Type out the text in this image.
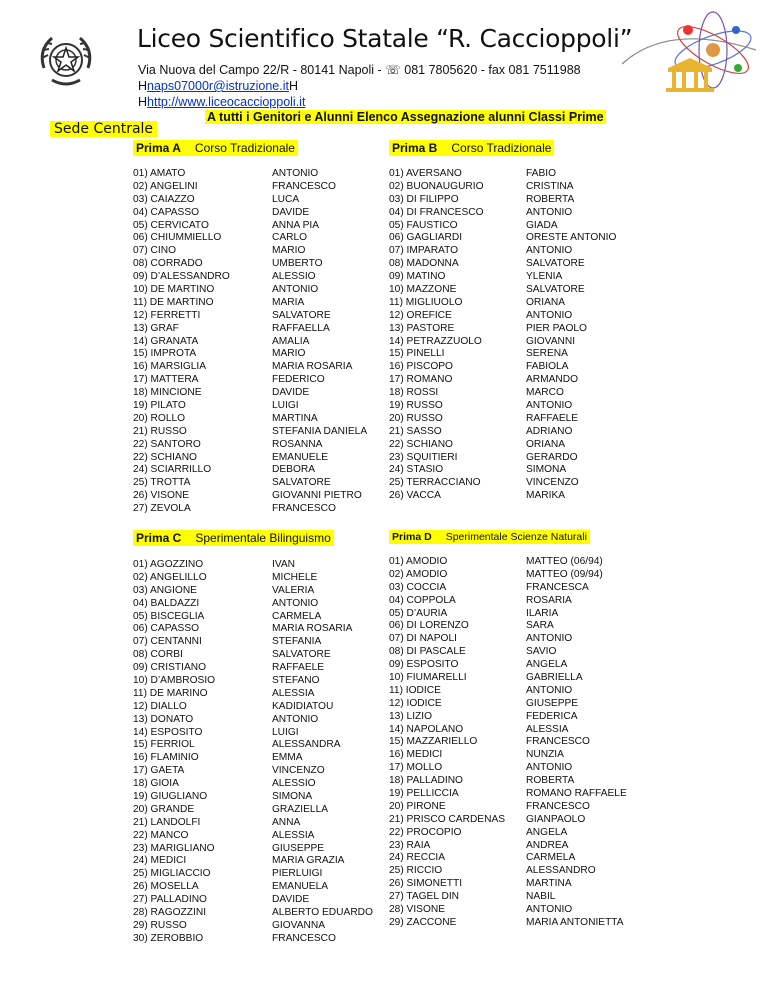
Liceo Scientifico Statale “R. Caccioppoli”
Via Nuova del Campo 22/R - 80141 Napoli - ☏ 081 7805620 - fax 081 7511988
Hnaps07000r@istruzione.itH
Hhttp://www.liceocaccioppoli.it
A tutti i Genitori e Alunni Elenco Assegnazione alunni Classi Prime
Sede Centrale
Prima A Corso Tradizionale
01) AMATO
02) ANGELINI
03) CAIAZZO
04) CAPASSO
05) CERVICATO
06) CHIUMMIELLO
07) CINO
08) CORRADO
09) D’ALESSANDRO
10) DE MARTINO
11) DE MARTINO
12) FERRETTI
13) GRAF
14) GRANATA
15) IMPROTA
16) MARSIGLIA
17) MATTERA
18) MINCIONE
19) PILATO
20) ROLLO
21) RUSSO
22) SANTORO
22) SCHIANO
24) SCIARRILLO
25) TROTTA
26) VISONE
27) ZEVOLA
ANTONIO
FRANCESCO
LUCA
DAVIDE
ANNA PIA
CARLO
MARIO
UMBERTO
ALESSIO
ANTONIO
MARIA
SALVATORE
RAFFAELLA
AMALIA
MARIO
MARIA ROSARIA
FEDERICO
DAVIDE
LUIGI
MARTINA
STEFANIA DANIELA
ROSANNA
EMANUELE
DEBORA
SALVATORE
GIOVANNI PIETRO
FRANCESCO
Prima B Corso Tradizionale
01) AVERSANO
02) BUONAUGURIO
03) DI FILIPPO
04) DI FRANCESCO
05) FAUSTICO
06) GAGLIARDI
07) IMPARATO
08) MADONNA
09) MATINO
10) MAZZONE
11) MIGLIUOLO
12) OREFICE
13) PASTORE
14) PETRAZZUOLO
15) PINELLI
16) PISCOPO
17) ROMANO
18) ROSSI
19) RUSSO
20) RUSSO
21) SASSO
22) SCHIANO
23) SQUITIERI
24) STASIO
25) TERRACCIANO
26) VACCA
FABIO
CRISTINA
ROBERTA
ANTONIO
GIADA
ORESTE ANTONIO
ANTONIO
SALVATORE
YLENIA
SALVATORE
ORIANA
ANTONIO
PIER PAOLO
GIOVANNI
SERENA
FABIOLA
ARMANDO
MARCO
ANTONIO
RAFFAELE
ADRIANO
ORIANA
GERARDO
SIMONA
VINCENZO
MARIKA
Prima C Sperimentale Bilinguismo
01) AGOZZINO
02) ANGELILLO
03) ANGIONE
04) BALDAZZI
05) BISCEGLIA
06) CAPASSO
07) CENTANNI
08) CORBI
09) CRISTIANO
10) D’AMBROSIO
11) DE MARINO
12) DIALLO
13) DONATO
14) ESPOSITO
15) FERRIOL
16) FLAMINIO
17) GAETA
18) GIOIA
19) GIUGLIANO
20) GRANDE
21) LANDOLFI
22) MANCO
23) MARIGLIANO
24) MEDICI
25) MIGLIACCIO
26) MOSELLA
27) PALLADINO
28) RAGOZZINI
29) RUSSO
30) ZEROBBIO
IVAN
MICHELE
VALERIA
ANTONIO
CARMELA
MARIA ROSARIA
STEFANIA
SALVATORE
RAFFAELE
STEFANO
ALESSIA
KADIDIATOU
ANTONIO
LUIGI
ALESSANDRA
EMMA
VINCENZO
ALESSIO
SIMONA
GRAZIELLA
ANNA
ALESSIA
GIUSEPPE
MARIA GRAZIA
PIERLUIGI
EMANUELA
DAVIDE
ALBERTO EDUARDO
GIOVANNA
FRANCESCO
Prima D Sperimentale Scienze Naturali
01) AMODIO
02) AMODIO
03) COCCIA
04) COPPOLA
05) D’AURIA
06) DI LORENZO
07) DI NAPOLI
08) DI PASCALE
09) ESPOSITO
10) FIUMARELLI
11) IODICE
12) IODICE
13) LIZIO
14) NAPOLANO
15) MAZZARIELLO
16) MEDICI
17) MOLLO
18) PALLADINO
19) PELLICCIA
20) PIRONE
21) PRISCO CARDENAS
22) PROCOPIO
23) RAIA
24) RECCIA
25) RICCIO
26) SIMONETTI
27) TAGEL DIN
28) VISONE
29) ZACCONE
MATTEO (06/94)
MATTEO (09/94)
FRANCESCA
ROSARIA
ILARIA
SARA
ANTONIO
SAVIO
ANGELA
GABRIELLA
ANTONIO
GIUSEPPE
FEDERICA
ALESSIA
FRANCESCO
NUNZIA
ANTONIO
ROBERTA
ROMANO RAFFAELE
FRANCESCO
GIANPAOLO
ANGELA
ANDREA
CARMELA
ALESSANDRO
MARTINA
NABIL
ANTONIO
MARIA ANTONIETTA
